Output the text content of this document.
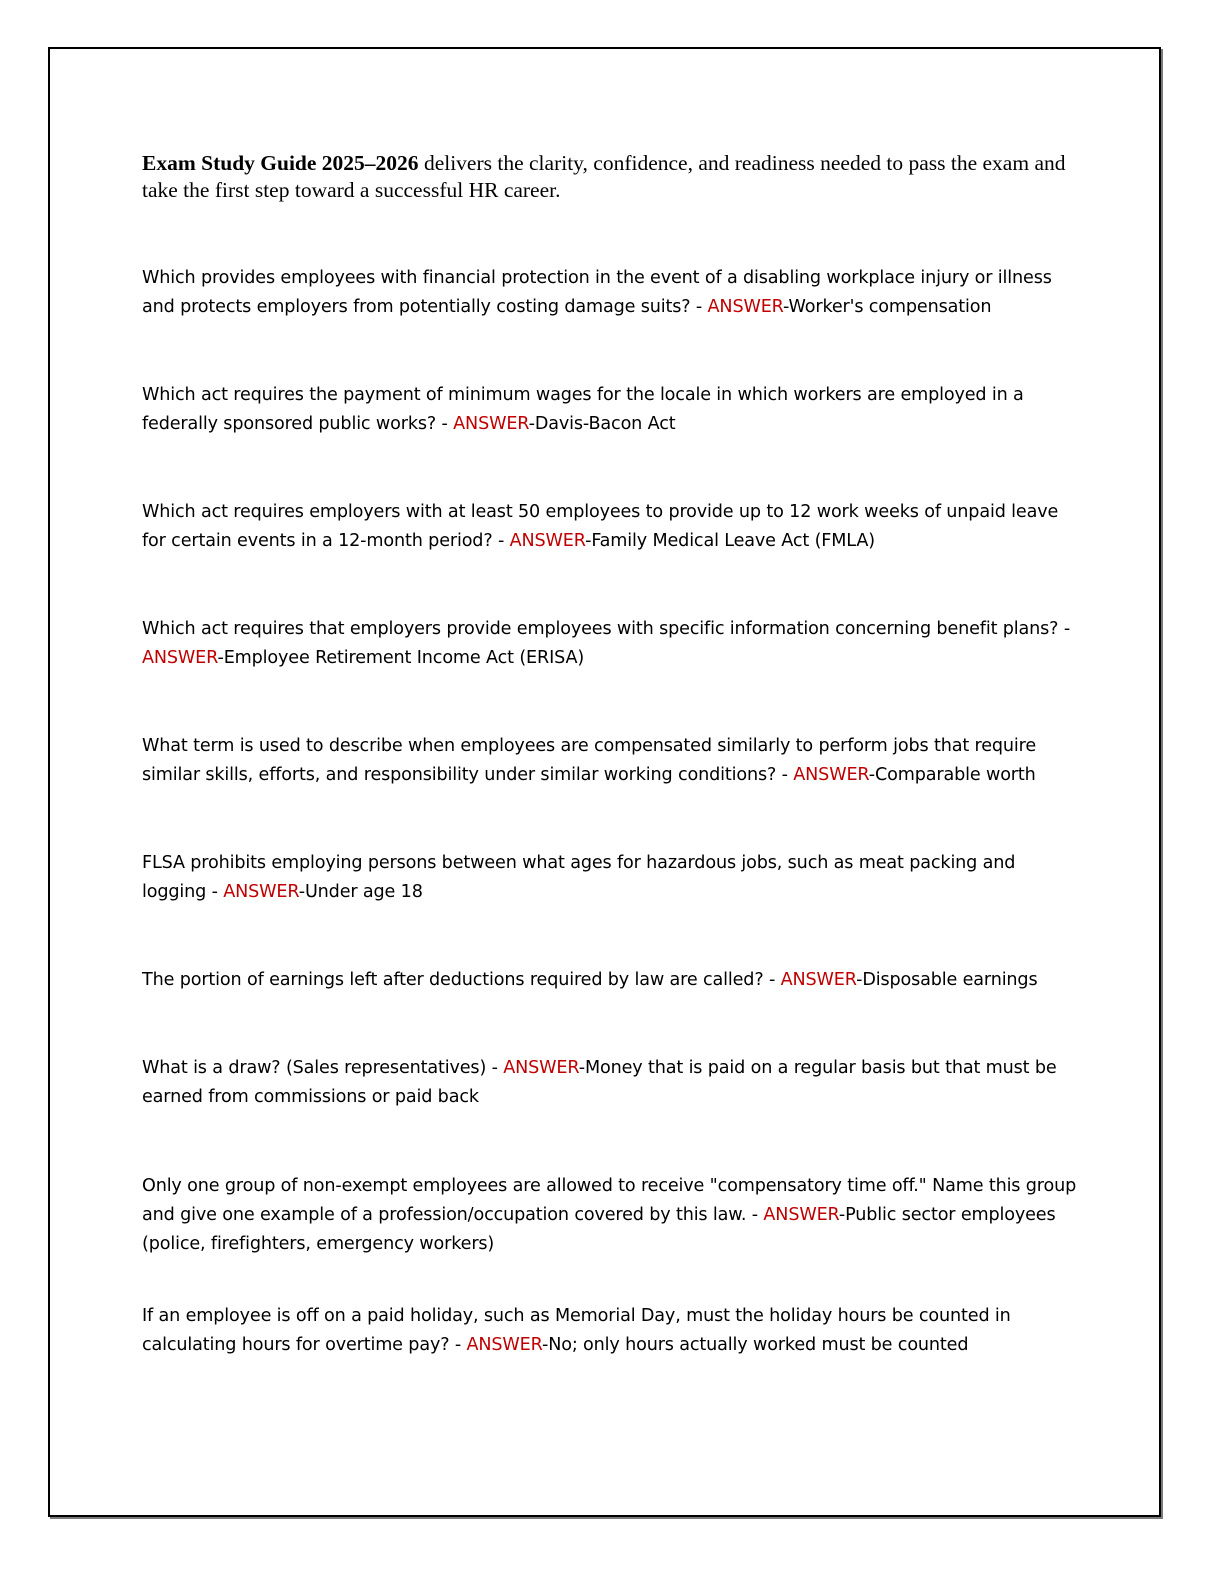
Exam Study Guide 2025–2026 delivers the clarity, confidence, and readiness needed to pass the exam and take the first step toward a successful HR career.

Which provides employees with financial protection in the event of a disabling workplace injury or illness and protects employers from potentially costing damage suits? - ANSWER-Worker's compensation

Which act requires the payment of minimum wages for the locale in which workers are employed in a federally sponsored public works? - ANSWER-Davis-Bacon Act

Which act requires employers with at least 50 employees to provide up to 12 work weeks of unpaid leave for certain events in a 12-month period? - ANSWER-Family Medical Leave Act (FMLA)

Which act requires that employers provide employees with specific information concerning benefit plans? - ANSWER-Employee Retirement Income Act (ERISA)

What term is used to describe when employees are compensated similarly to perform jobs that require similar skills, efforts, and responsibility under similar working conditions? - ANSWER-Comparable worth

FLSA prohibits employing persons between what ages for hazardous jobs, such as meat packing and logging - ANSWER-Under age 18

The portion of earnings left after deductions required by law are called? - ANSWER-Disposable earnings

What is a draw? (Sales representatives) - ANSWER-Money that is paid on a regular basis but that must be earned from commissions or paid back

Only one group of non-exempt employees are allowed to receive "compensatory time off." Name this group and give one example of a profession/occupation covered by this law. - ANSWER-Public sector employees (police, firefighters, emergency workers)

If an employee is off on a paid holiday, such as Memorial Day, must the holiday hours be counted in calculating hours for overtime pay? - ANSWER-No; only hours actually worked must be counted
